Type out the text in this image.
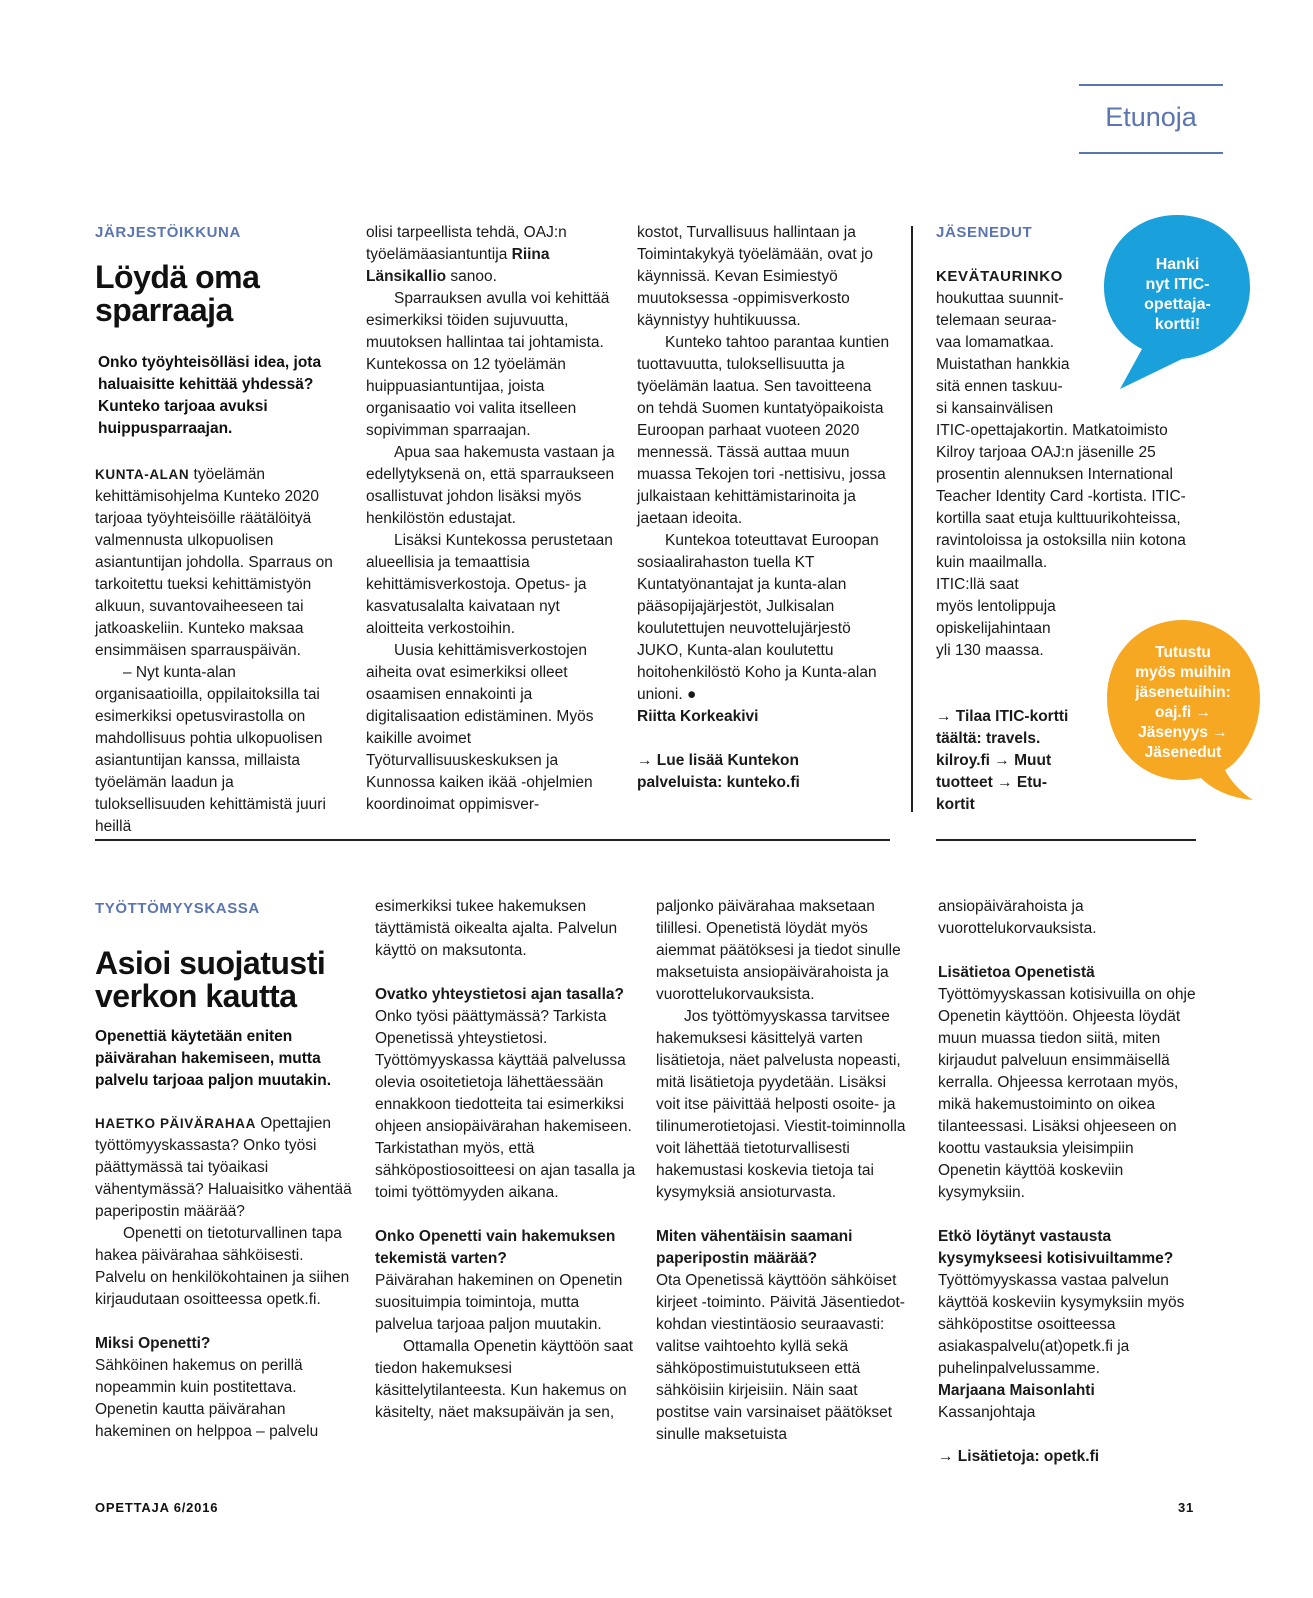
Etunoja
JÄRJESTÖIKKUNA
Löydä oma
sparraaja
Onko työyhteisölläsi idea, jota haluaisitte kehittää yhdessä? Kunteko tarjoaa avuksi huippusparraajan.

KUNTA-ALAN työelämän kehittämisohjelma Kunteko 2020 tarjoaa työyhteisöille räätälöityä valmennusta ulkopuolisen asiantuntijan johdolla. Sparraus on tarkoitettu tueksi kehittämistyön alkuun, suvantovaiheeseen tai jatkoaskeliin. Kunteko maksaa ensimmäisen sparrauspäivän.

– Nyt kunta-alan organisaatioilla, oppilaitoksilla tai esimerkiksi opetusvirastolla on mahdollisuus pohtia ulkopuolisen asiantuntijan kanssa, millaista työelämän laadun ja tuloksellisuuden kehittämistä juuri heillä

olisi tarpeellista tehdä, OAJ:n työelämäasiantuntija Riina Länsikallio sanoo.

Sparrauksen avulla voi kehittää esimerkiksi töiden sujuvuutta, muutoksen hallintaa tai johtamista. Kuntekossa on 12 työelämän huippuasiantuntijaa, joista organisaatio voi valita itselleen sopivimman sparraajan.

Apua saa hakemusta vastaan ja edellytyksenä on, että sparraukseen osallistuvat johdon lisäksi myös henkilöstön edustajat.

Lisäksi Kuntekossa perustetaan alueellisia ja temaattisia kehittämisverkostoja. Opetus- ja kasvatusalalta kaivataan nyt aloitteita verkostoihin.

Uusia kehittämisverkostojen aiheita ovat esimerkiksi olleet osaamisen ennakointi ja digitalisaation edistäminen. Myös kaikille avoimet Työturvallisuuskeskuksen ja Kunnossa kaiken ikää -ohjelmien koordinoimat oppimisver-

kostot, Turvallisuus hallintaan ja Toimintakykyä työelämään, ovat jo käynnissä. Kevan Esimiestyö muutoksessa -oppimisverkosto käynnistyy huhtikuussa.

Kunteko tahtoo parantaa kuntien tuottavuutta, tuloksellisuutta ja työelämän laatua. Sen tavoitteena on tehdä Suomen kuntatyöpaikoista Euroopan parhaat vuoteen 2020 mennessä. Tässä auttaa muun muassa Tekojen tori -nettisivu, jossa julkaistaan kehittämistarinoita ja jaetaan ideoita.

Kuntekoa toteuttavat Euroopan sosiaalirahaston tuella KT Kuntatyönantajat ja kunta-alan pääsopijajärjestöt, Julkisalan koulutettujen neuvottelujärjestö JUKO, Kunta-alan koulutettu hoitohenkilöstö Koho ja Kunta-alan unioni. ●

Riitta Korkeakivi

→ Lue lisää Kuntekon
palveluista: kunteko.fi

JÄSENEDUT

KEVÄTAURINKO

houkuttaa suunnit-

telemaan seuraa-

vaa lomamatkaa.

Muistathan hankkia

sitä ennen taskuu-

si kansainvälisen

ITIC-opettajakortin. Matkatoimisto Kilroy tarjoaa OAJ:n jäsenille 25 prosentin alennuksen International Teacher Identity Card -kortista. ITIC-kortilla saat etuja kulttuurikohteissa, ravintoloissa ja ostoksilla niin kotona kuin maailmalla.

ITIC:llä saat

myös lentolippuja

opiskelijahintaan

yli 130 maassa.

→ Tilaa ITIC-kortti
täältä: travels.
kilroy.fi → Muut
tuotteet → Etu-
kortit
Hanki
nyt ITIC-
opettaja-
kortti!
Tutustu
myös muihin
jäsenetuihin:
oaj.fi →
Jäsenyys →
Jäsenedut
TYÖTTÖMYYSKASSA
Asioi suojatusti
verkon kautta
Openettiä käytetään eniten päivärahan hakemiseen, mutta palvelu tarjoaa paljon muutakin.

HAETKO PÄIVÄRAHAA Opettajien työttömyyskassasta? Onko työsi päättymässä tai työaikasi vähentymässä? Haluaisitko vähentää paperipostin määrää?

Openetti on tietoturvallinen tapa hakea päivärahaa sähköisesti. Palvelu on henkilökohtainen ja siihen kirjaudutaan osoitteessa opetk.fi.

Miksi Openetti?

Sähköinen hakemus on perillä nopeammin kuin postitettava. Openetin kautta päivärahan hakeminen on helppoa – palvelu

esimerkiksi tukee hakemuksen täyttämistä oikealta ajalta. Palvelun käyttö on maksutonta.

Ovatko yhteystietosi ajan tasalla?

Onko työsi päättymässä? Tarkista Openetissä yhteystietosi. Työttömyyskassa käyttää palvelussa olevia osoitetietoja lähettäessään ennakkoon tiedotteita tai esimerkiksi ohjeen ansiopäivärahan hakemiseen. Tarkistathan myös, että sähköpostiosoitteesi on ajan tasalla ja toimi työttömyyden aikana.

Onko Openetti vain hakemuksen tekemistä varten?

Päivärahan hakeminen on Openetin suosituimpia toimintoja, mutta palvelua tarjoaa paljon muutakin.

Ottamalla Openetin käyttöön saat tiedon hakemuksesi käsittelytilanteesta. Kun hakemus on käsitelty, näet maksupäivän ja sen,

paljonko päivärahaa maksetaan tilillesi. Openetistä löydät myös aiemmat päätöksesi ja tiedot sinulle maksetuista ansiopäivärahoista ja vuorottelukorvauksista.

Jos työttömyyskassa tarvitsee hakemuksesi käsittelyä varten lisätietoja, näet palvelusta nopeasti, mitä lisätietoja pyydetään. Lisäksi voit itse päivittää helposti osoite- ja tilinumerotietojasi. Viestit-toiminnolla voit lähettää tietoturvallisesti hakemustasi koskevia tietoja tai kysymyksiä ansioturvasta.

Miten vähentäisin saamani paperipostin määrää?

Ota Openetissä käyttöön sähköiset kirjeet -toiminto. Päivitä Jäsentiedot-kohdan viestintäosio seuraavasti: valitse vaihtoehto kyllä sekä sähköpostimuistutukseen että sähköisiin kirjeisiin. Näin saat postitse vain varsinaiset päätökset sinulle maksetuista

ansiopäivärahoista ja vuorottelukorvauksista.

Lisätietoa Openetistä

Työttömyyskassan kotisivuilla on ohje Openetin käyttöön. Ohjeesta löydät muun muassa tiedon siitä, miten kirjaudut palveluun ensimmäisellä kerralla. Ohjeessa kerrotaan myös, mikä hakemustoiminto on oikea tilanteessasi. Lisäksi ohjeeseen on koottu vastauksia yleisimpiin Openetin käyttöä koskeviin kysymyksiin.

Etkö löytänyt vastausta kysymykseesi kotisivuiltamme?

Työttömyyskassa vastaa palvelun käyttöä koskeviin kysymyksiin myös sähköpostitse osoitteessa asiakaspalvelu(at)opetk.fi ja puhelinpalvelussamme.

Marjaana Maisonlahti

Kassanjohtaja

→ Lisätietoja: opetk.fi

OPETTAJA 6/2016	31
